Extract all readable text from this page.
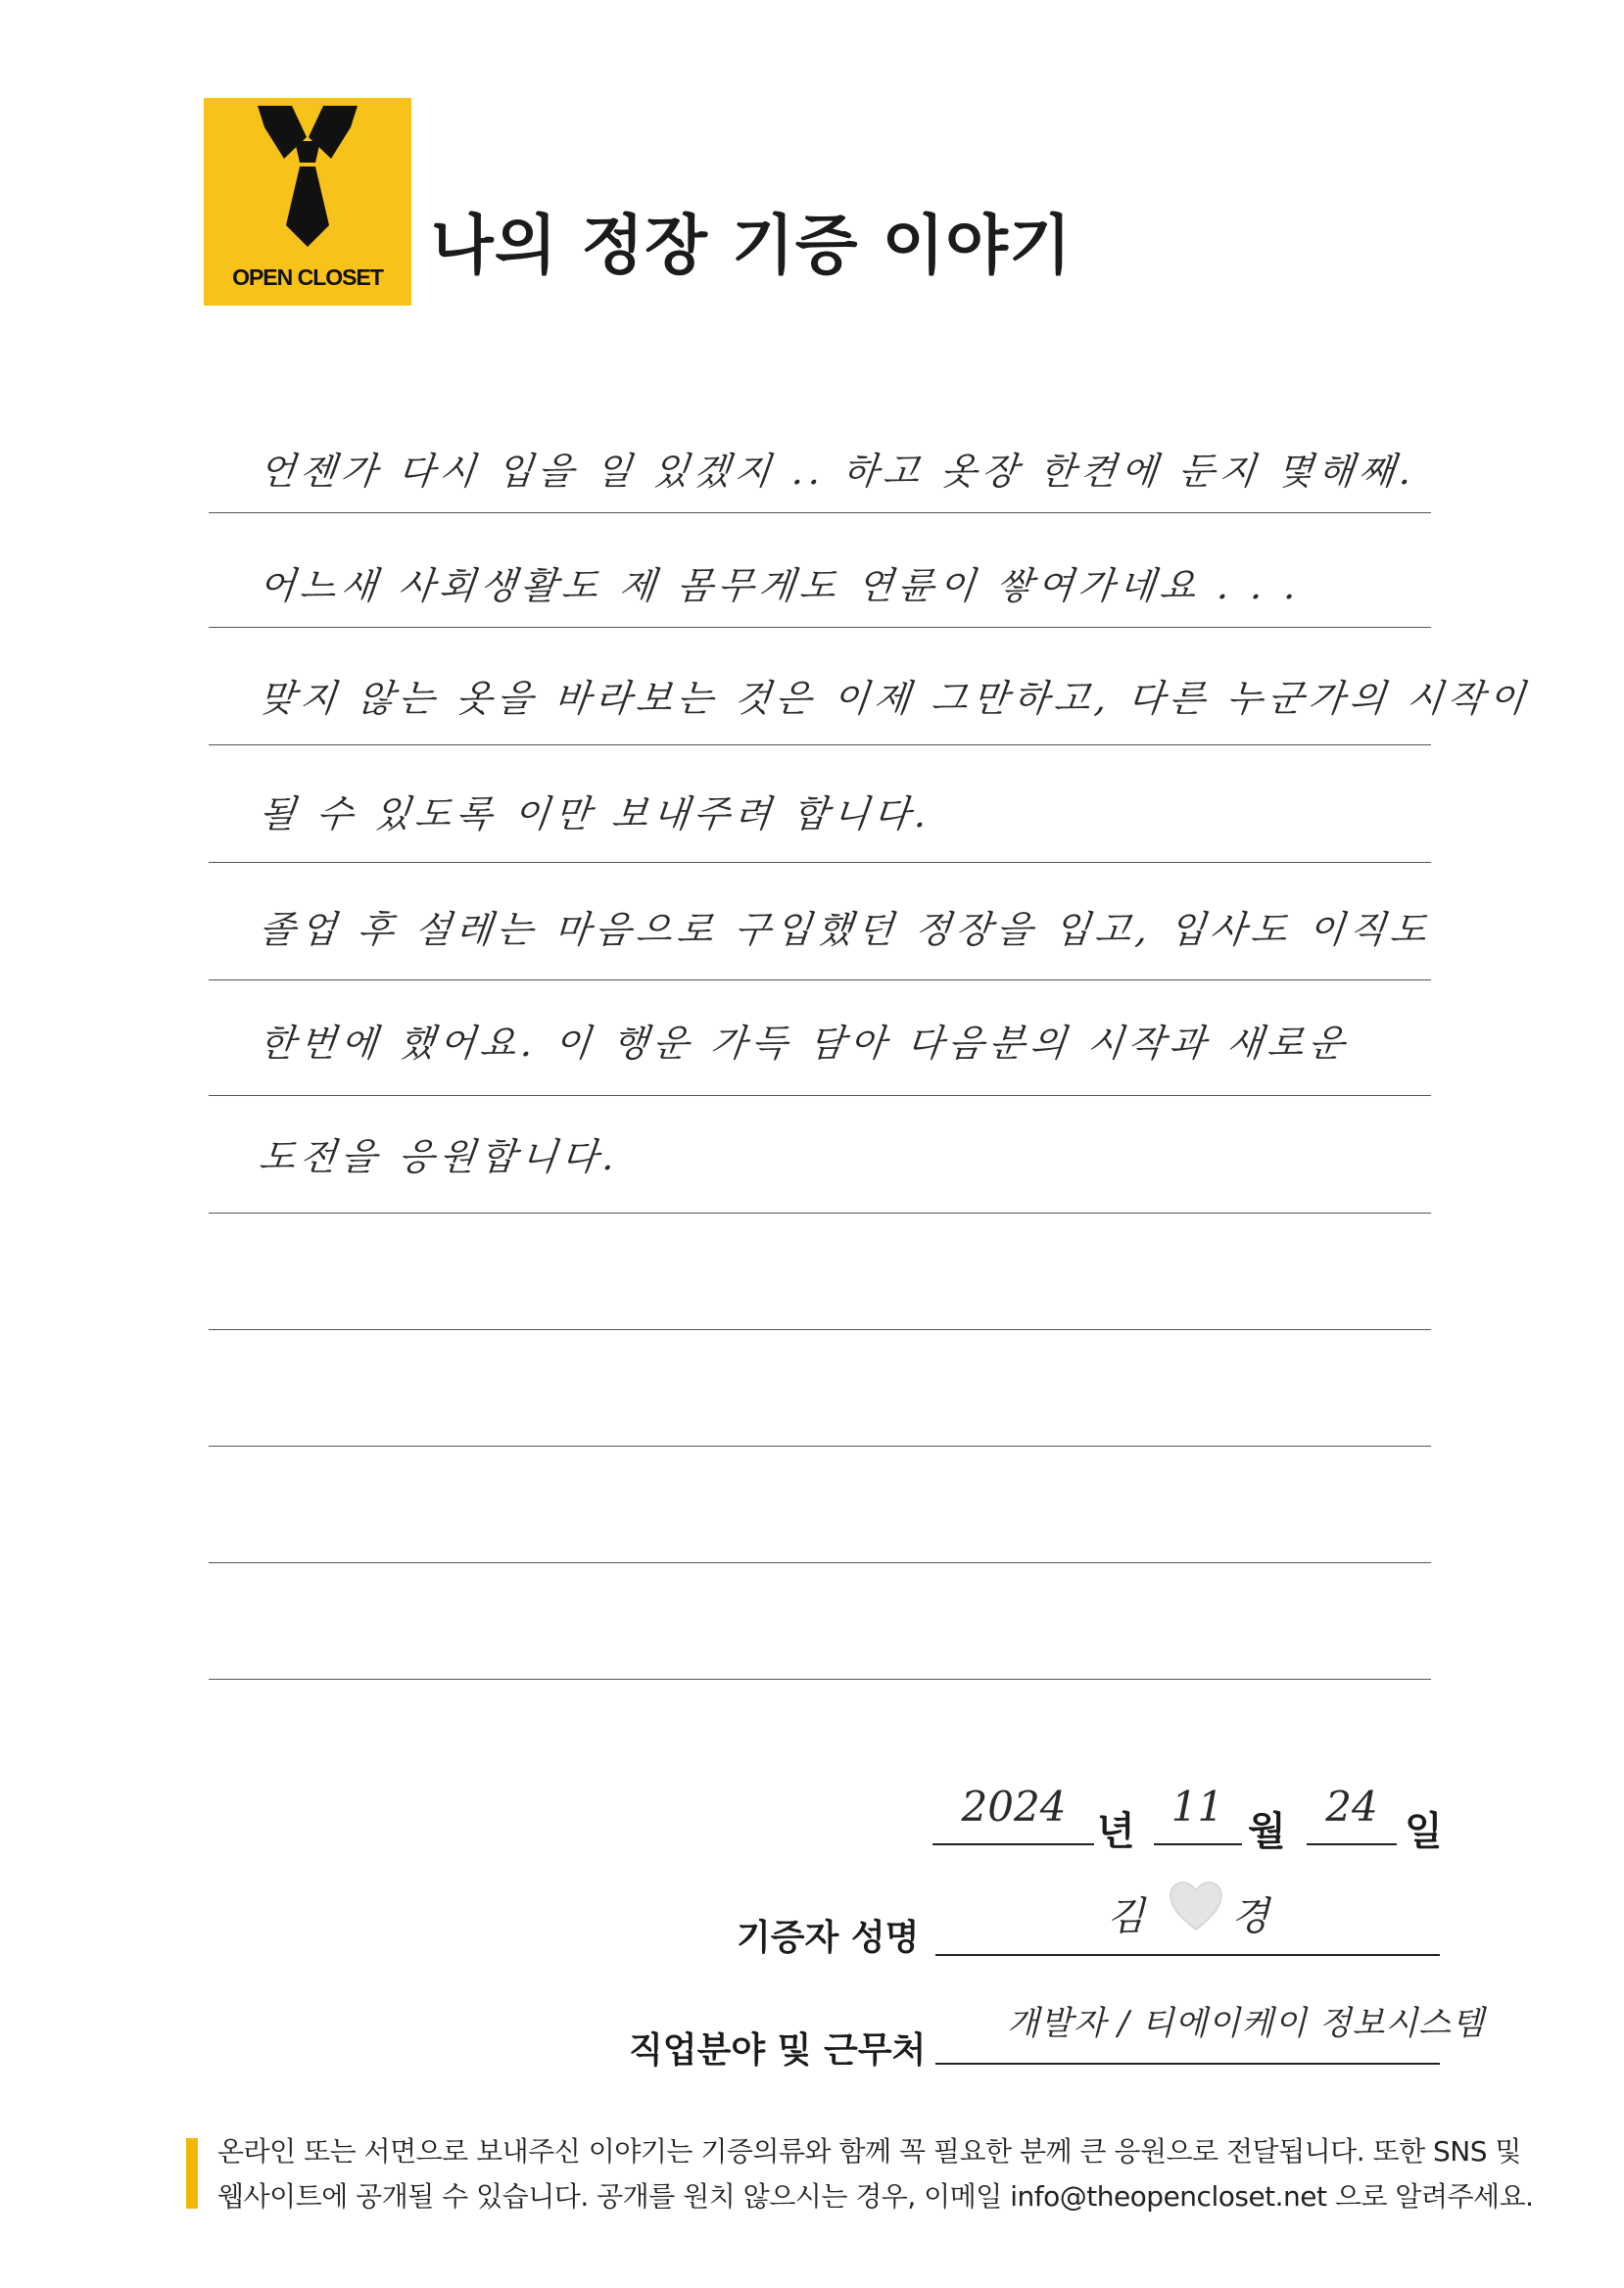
OPEN CLOSET 나의 정장 기증 이야기
언젠가 다시 입을 일 있겠지 .. 하고 옷장 한켠에 둔지 몇해째.
어느새 사회생활도 제 몸무게도 연륜이 쌓여가네요 . . .
맞지 않는 옷을 바라보는 것은 이제 그만하고, 다른 누군가의 시작이
될 수 있도록 이만 보내주려 합니다.
졸업 후 설레는 마음으로 구입했던 정장을 입고, 입사도 이직도
한번에 했어요. 이 행운 가득 담아 다음분의 시작과 새로운
도전을 응원합니다.
2024
년
11
월
24
일
기증자 성명	김 경
직업분야 및 근무처
개발자 / 티에이케이 정보시스템
온라인 또는 서면으로 보내주신 이야기는 기증의류와 함께 꼭 필요한 분께 큰 응원으로 전달됩니다. 또한 SNS 및
웹사이트에 공개될 수 있습니다. 공개를 원치 않으시는 경우, 이메일 info@theopencloset.net 으로 알려주세요.
